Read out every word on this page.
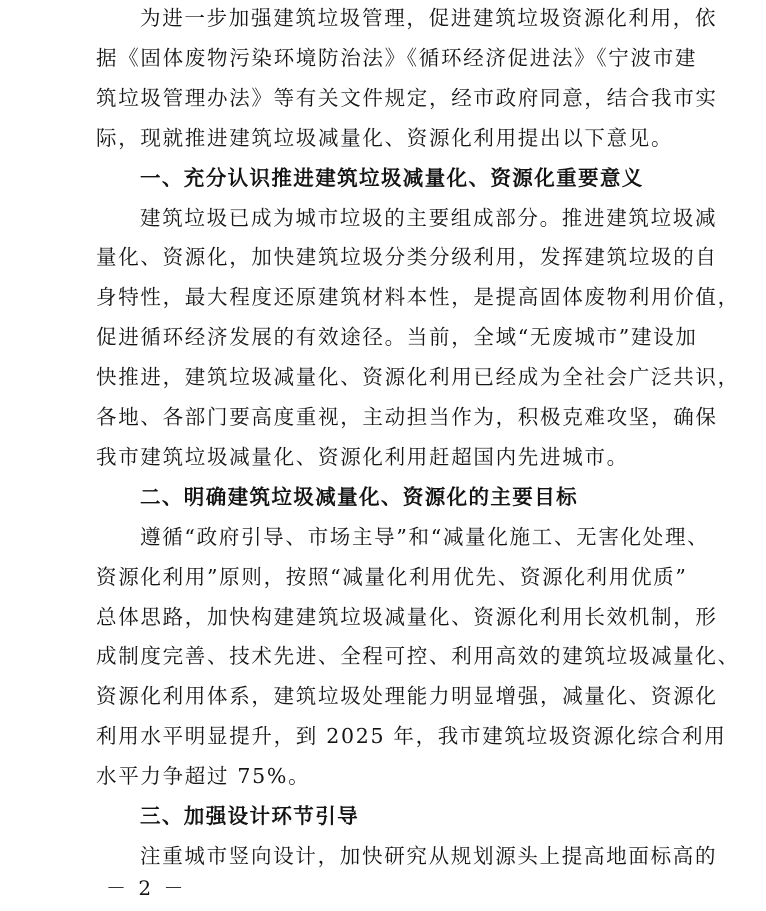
为进一步加强建筑垃圾管理，促进建筑垃圾资源化利用，依
据《固体废物污染环境防治法》《循环经济促进法》《宁波市建
筑垃圾管理办法》等有关文件规定，经市政府同意，结合我市实
际，现就推进建筑垃圾减量化、资源化利用提出以下意见。
一、充分认识推进建筑垃圾减量化、资源化重要意义
建筑垃圾已成为城市垃圾的主要组成部分。推进建筑垃圾减
量化、资源化，加快建筑垃圾分类分级利用，发挥建筑垃圾的自
身特性，最大程度还原建筑材料本性，是提高固体废物利用价值，
促进循环经济发展的有效途径。当前，全域“无废城市”建设加
快推进，建筑垃圾减量化、资源化利用已经成为全社会广泛共识，
各地、各部门要高度重视，主动担当作为，积极克难攻坚，确保
我市建筑垃圾减量化、资源化利用赶超国内先进城市。
二、明确建筑垃圾减量化、资源化的主要目标
遵循“政府引导、市场主导”和“减量化施工、无害化处理、
资源化利用”原则，按照“减量化利用优先、资源化利用优质”
总体思路，加快构建建筑垃圾减量化、资源化利用长效机制，形
成制度完善、技术先进、全程可控、利用高效的建筑垃圾减量化、
资源化利用体系，建筑垃圾处理能力明显增强，减量化、资源化
利用水平明显提升，到 2025 年，我市建筑垃圾资源化综合利用
水平力争超过 75%。
三、加强设计环节引导
注重城市竖向设计，加快研究从规划源头上提高地面标高的
－ 2 －
